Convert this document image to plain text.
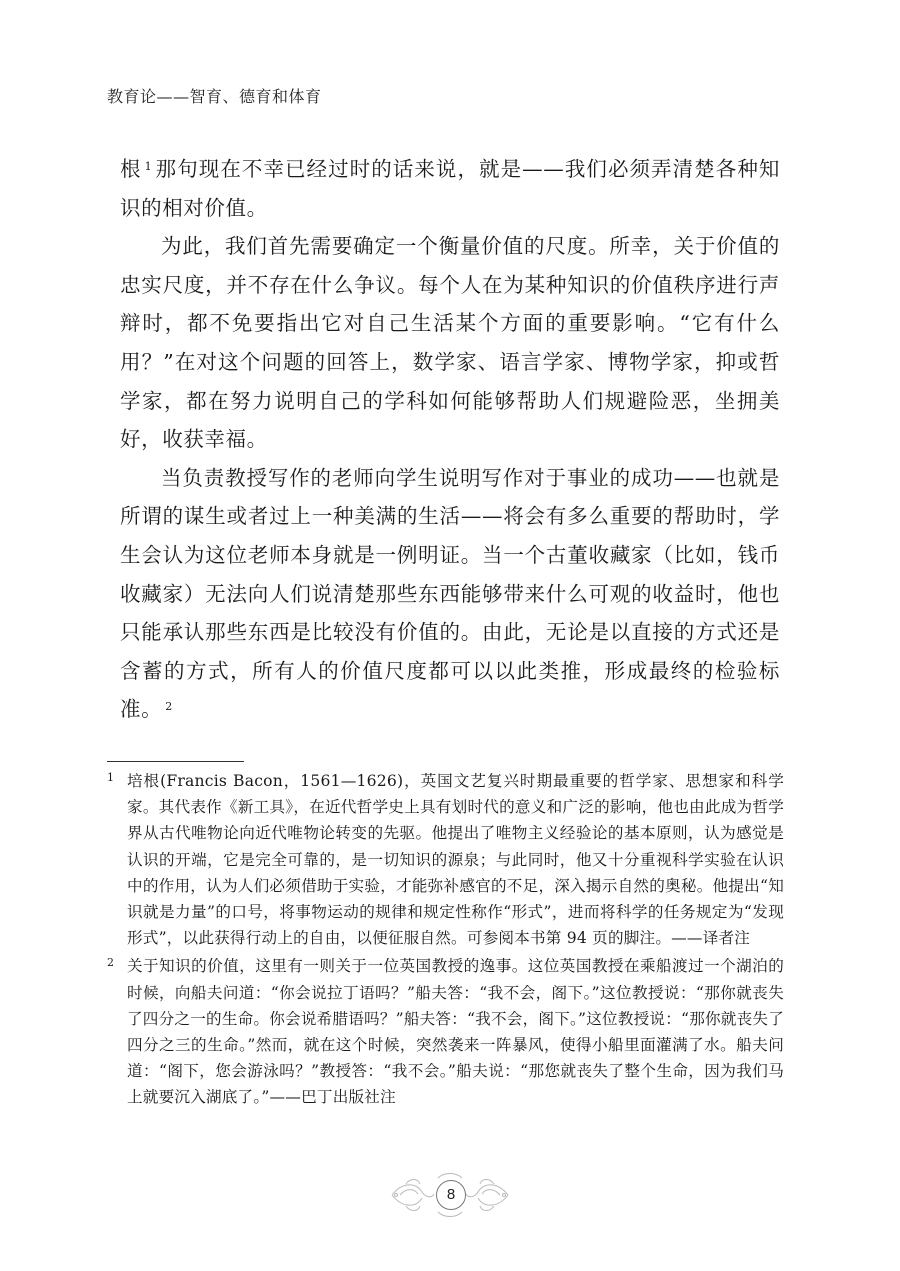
教育论——智育、德育和体育

根 $^1$ 那句现在不幸已经过时的话来说，就是——我们必须弄清楚各种知识的相对价值。

为此，我们首先需要确定一个衡量价值的尺度。所幸，关于价值的忠实尺度，并不存在什么争议。每个人在为某种知识的价值秩序进行声辩时，都不免要指出它对自己生活某个方面的重要影响。“它有什么用？”在对这个问题的回答上，数学家、语言学家、博物学家，抑或哲学家，都在努力说明自己的学科如何能够帮助人们规避险恶，坐拥美好，收获幸福。

当负责教授写作的老师向学生说明写作对于事业的成功——也就是所谓的谋生或者过上一种美满的生活——将会有多么重要的帮助时，学生会认为这位老师本身就是一例明证。当一个古董收藏家（比如，钱币收藏家）无法向人们说清楚那些东西能够带来什么可观的收益时，他也只能承认那些东西是比较没有价值的。由此，无论是以直接的方式还是含蓄的方式，所有人的价值尺度都可以以此类推，形成最终的检验标准。 $^2$

1 培根(Francis Bacon，1561—1626)，英国文艺复兴时期最重要的哲学家、思想家和科学家。其代表作《新工具》，在近代哲学史上具有划时代的意义和广泛的影响，他也由此成为哲学界从古代唯物论向近代唯物论转变的先驱。他提出了唯物主义经验论的基本原则，认为感觉是认识的开端，它是完全可靠的，是一切知识的源泉；与此同时，他又十分重视科学实验在认识中的作用，认为人们必须借助于实验，才能弥补感官的不足，深入揭示自然的奥秘。他提出“知识就是力量”的口号，将事物运动的规律和规定性称作“形式”，进而将科学的任务规定为“发现形式”，以此获得行动上的自由，以便征服自然。可参阅本书第 94 页的脚注。——译者注
2 关于知识的价值，这里有一则关于一位英国教授的逸事。这位英国教授在乘船渡过一个湖泊的时候，向船夫问道：“你会说拉丁语吗？”船夫答：“我不会，阁下。”这位教授说：“那你就丧失了四分之一的生命。你会说希腊语吗？”船夫答：“我不会，阁下。”这位教授说：“那你就丧失了四分之三的生命。”然而，就在这个时候，突然袭来一阵暴风，使得小船里面灌满了水。船夫问道：“阁下，您会游泳吗？”教授答：“我不会。”船夫说：“那您就丧失了整个生命，因为我们马上就要沉入湖底了。”——巴丁出版社注
8
